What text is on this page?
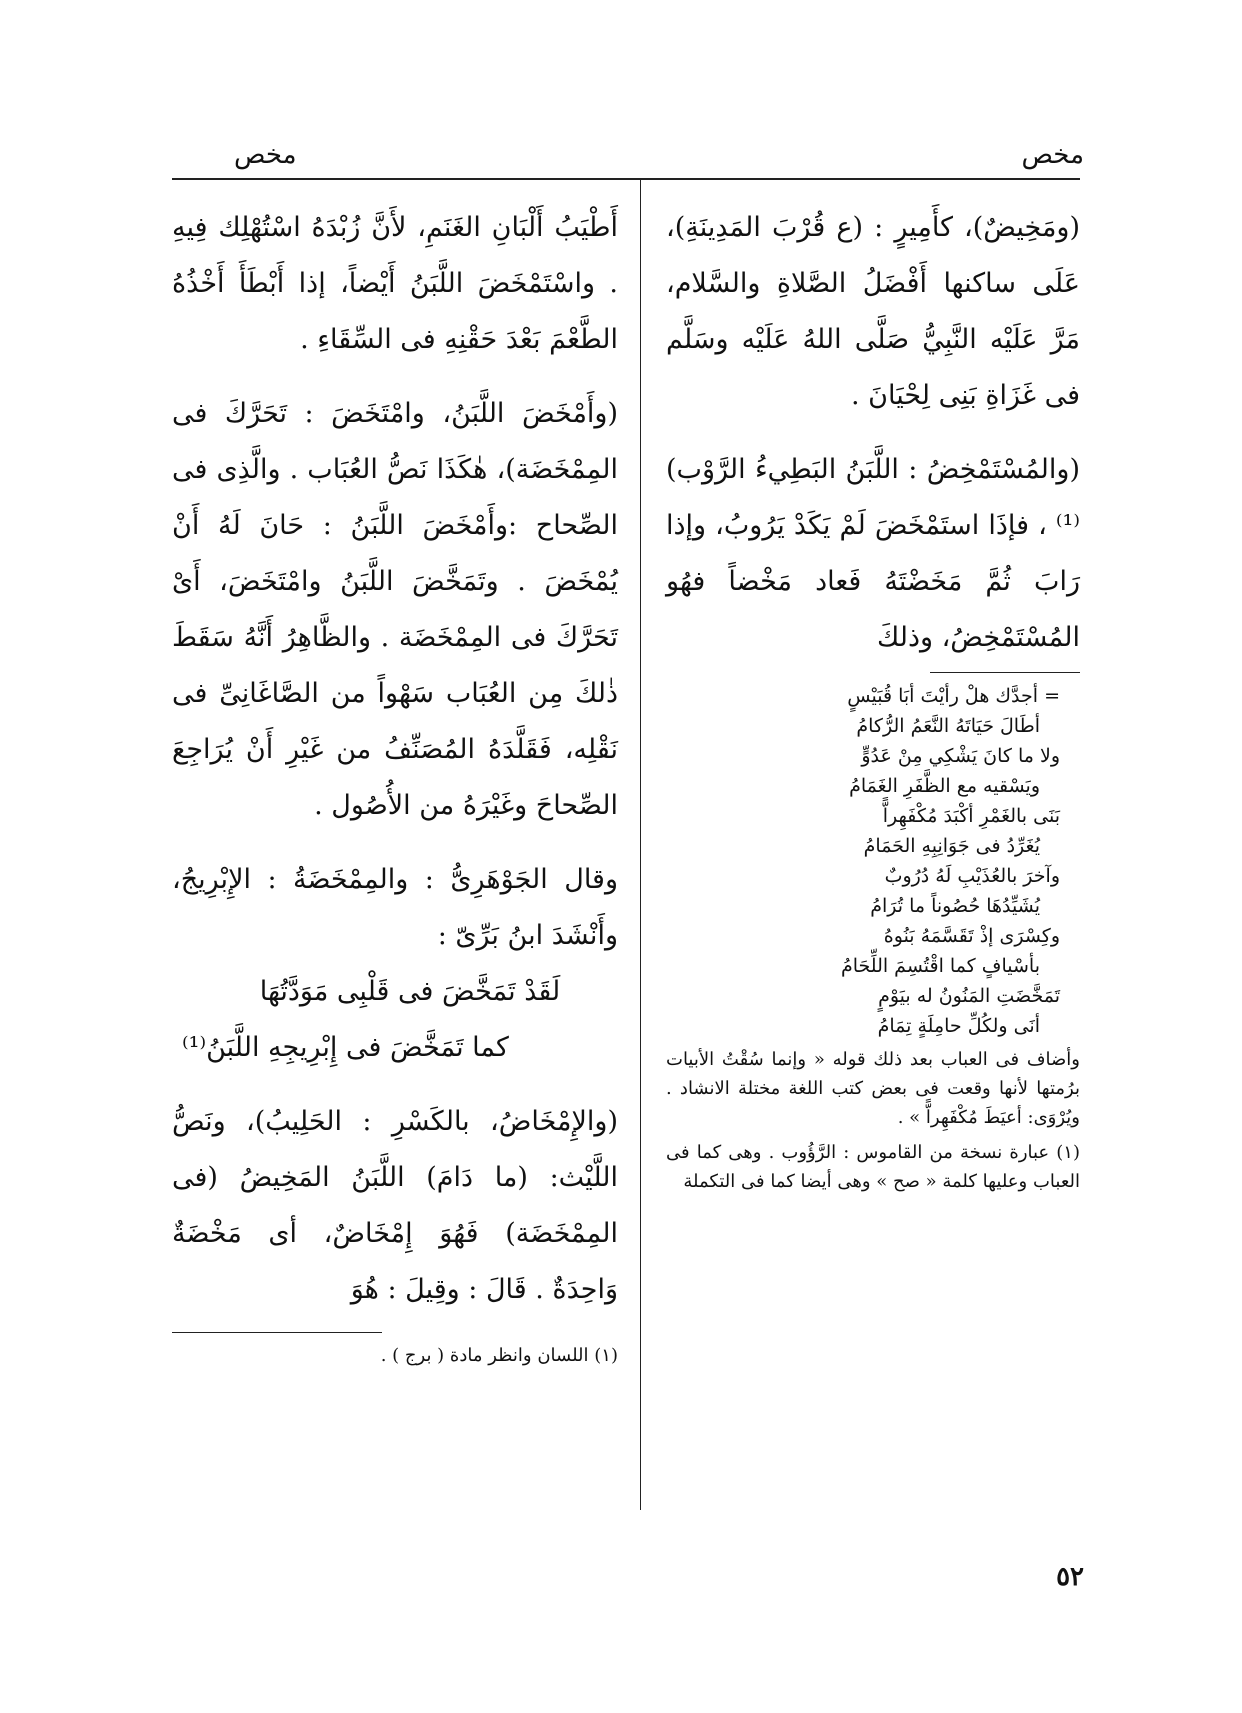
مخص
مخص

(ومَخِيضٌ)، كأَمِيرٍ : (ع قُرْبَ المَدِينَةِ)، عَلَى ساكنها أَفْضَلُ الصَّلاةِ والسَّلام، مَرَّ عَلَيْه النَّبِيُّ صَلَّى اللهُ عَلَيْه وسَلَّم فى غَزَاةِ بَنِى لِحْيَانَ .

(والمُسْتَمْخِضُ : اللَّبَنُ البَطِيءُ الرَّوْب)⁽¹⁾ ، فإذَا استَمْخَضَ لَمْ يَكَدْ يَرُوبُ، وإذا رَابَ ثُمَّ مَخَضْتَهُ فَعاد مَخْضاً فهُو المُسْتَمْخِضُ، وذلكَ

= أجدَّك هلْ رأيْتَ أبَا قُبَيْسٍ
أطَالَ حَيَاتَهُ النَّعَمُ الرُّكامُ
ولا ما كانَ يَشْكِي مِنْ عَدُوٍّ
ويَسْقيه مع الظَّفَرِ الغَمَامُ
بَنَى بالغَمْرِ أكْبَدَ مُكْفَهِراًّ
يُغَرِّدُ فى جَوَانِبِهِ الحَمَامُ
وآخرَ بالعُذَيْبِ لَهُ دُرُوبٌ
يُشَيِّدُهَا حُصُوناً ما تُرَامُ
وكِسْرَى إذْ تَقَسَّمَهُ بَنُوهُ
بأسْيافٍ كما اقْتُسِمَ اللِّحَامُ
تَمَخَّضَتِ المَنُونُ له بيَوْمٍ
أنَى ولكُلِّ حامِلَةٍ تِمَامُ

وأضاف فى العباب بعد ذلك قوله « وإنما سُقْتُ الأبيات برُمتها لأنها وقعت فى بعض كتب اللغة مختلة الانشاد . ويُرْوَى: أعيَطَ مُكْفَهِراًّ » .

(١) عبارة نسخة من القاموس : الرَّؤُوب . وهى كما فى العباب وعليها كلمة « صح » وهى أيضا كما فى التكملة

أَطْيَبُ أَلْبَانِ الغَنَمِ، لأَنَّ زُبْدَهُ اسْتُهْلِك فِيهِ . واسْتَمْخَضَ اللَّبَنُ أَيْضاً، إذا أَبْطَأَ أَخْذُهُ الطَّعْمَ بَعْدَ حَقْنِهِ فى السِّقَاءِ .

(وأَمْخَضَ اللَّبَنُ، وامْتَخَضَ : تَحَرَّكَ فى المِمْخَضَة)، هٰكَذَا نَصُّ العُبَاب . والَّذِى فى الصِّحاح :وأَمْخَضَ اللَّبَنُ : حَانَ لَهُ أَنْ يُمْخَضَ . وتَمَخَّضَ اللَّبَنُ وامْتَخَضَ، أَىْ تَحَرَّكَ فى المِمْخَضَة . والظَّاهِرُ أَنَّهُ سَقَطَ ذٰلكَ مِن العُبَاب سَهْواً من الصَّاغَانِىِّ فى نَقْلِه، فَقَلَّدَهُ المُصَنِّفُ من غَيْرِ أَنْ يُرَاجِعَ الصِّحاحَ وغَيْرَهُ من الأُصُول .

وقال الجَوْهَرِىُّ : والمِمْخَضَةُ : الإِبْرِيجُ، وأَنْشَدَ ابنُ بَرِّىّ :

لَقَدْ تَمَخَّضَ فى قَلْبِى مَوَدَّتُهَا

كما تَمَخَّضَ فى إِبْرِيجِهِ اللَّبَنُ⁽¹⁾

(والإِمْخَاضُ، بالكَسْرِ : الحَلِيبُ)، ونَصُّ اللَّيْث: (ما دَامَ) اللَّبَنُ المَخِيضُ (فى المِمْخَضَة) فَهُوَ إِمْخَاضٌ، أى مَخْضَةٌ وَاحِدَةٌ . قَالَ : وقِيلَ : هُوَ

(١) اللسان وانظر مادة ( برج ) .

٥٢
